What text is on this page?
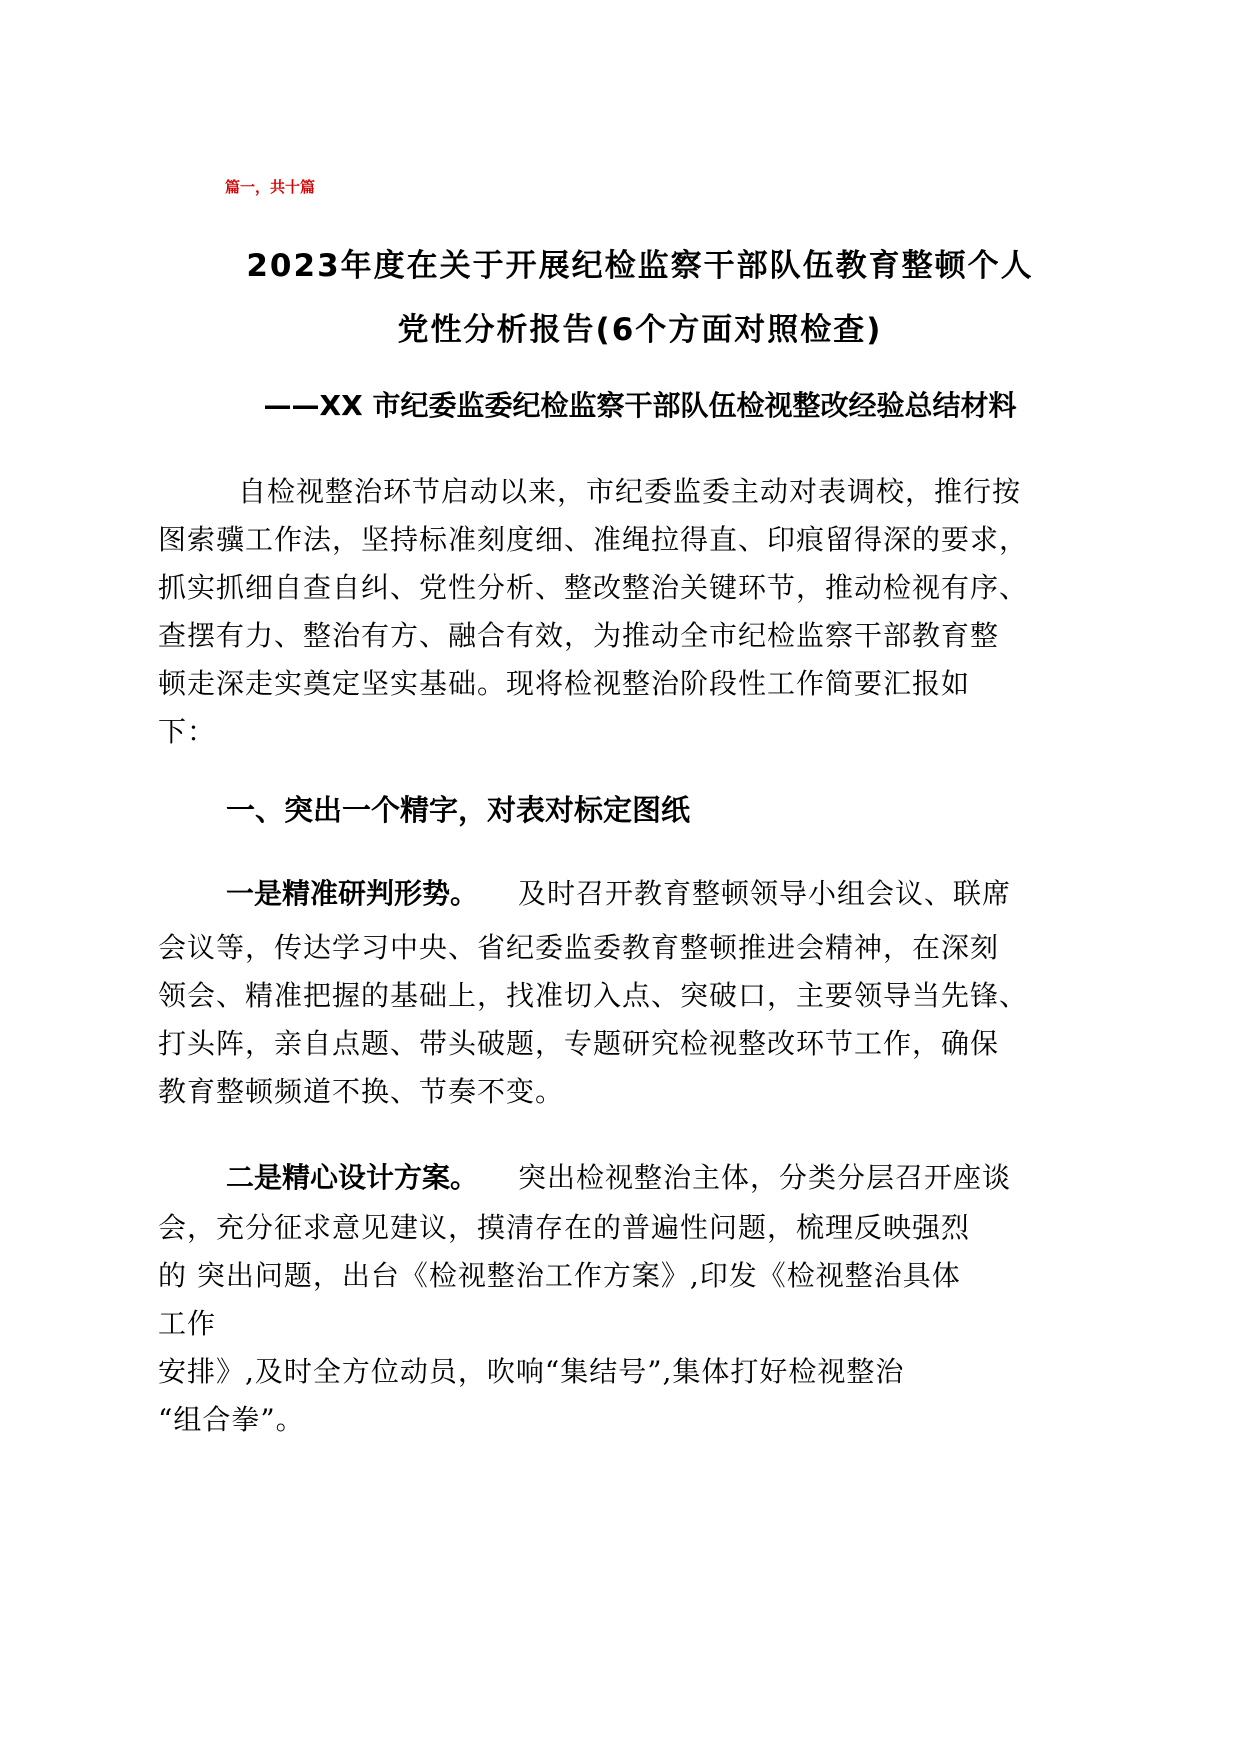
篇一，共十篇
2023年度在关于开展纪检监察干部队伍教育整顿个人
党性分析报告(6个方面对照检查)
——XX 市纪委监委纪检监察干部队伍检视整改经验总结材料
自检视整治环节启动以来，市纪委监委主动对表调校，推行按
图索骥工作法，坚持标准刻度细、准绳拉得直、印痕留得深的要求，
抓实抓细自查自纠、党性分析、整改整治关键环节，推动检视有序、
查摆有力、整治有方、融合有效，为推动全市纪检监察干部教育整
顿走深走实奠定坚实基础。现将检视整治阶段性工作简要汇报如
下：
一、突出一个精字，对表对标定图纸
一是精准研判形势。 及时召开教育整顿领导小组会议、联席
会议等，传达学习中央、省纪委监委教育整顿推进会精神，在深刻
领会、精准把握的基础上，找准切入点、突破口，主要领导当先锋、
打头阵，亲自点题、带头破题，专题研究检视整改环节工作，确保
教育整顿频道不换、节奏不变。
二是精心设计方案。 突出检视整治主体，分类分层召开座谈
会，充分征求意见建议，摸清存在的普遍性问题，梳理反映强烈
的 突出问题，出台《检视整治工作方案》,印发《检视整治具体
工作
安排》,及时全方位动员，吹响“集结号”,集体打好检视整治
“组合拳”。
